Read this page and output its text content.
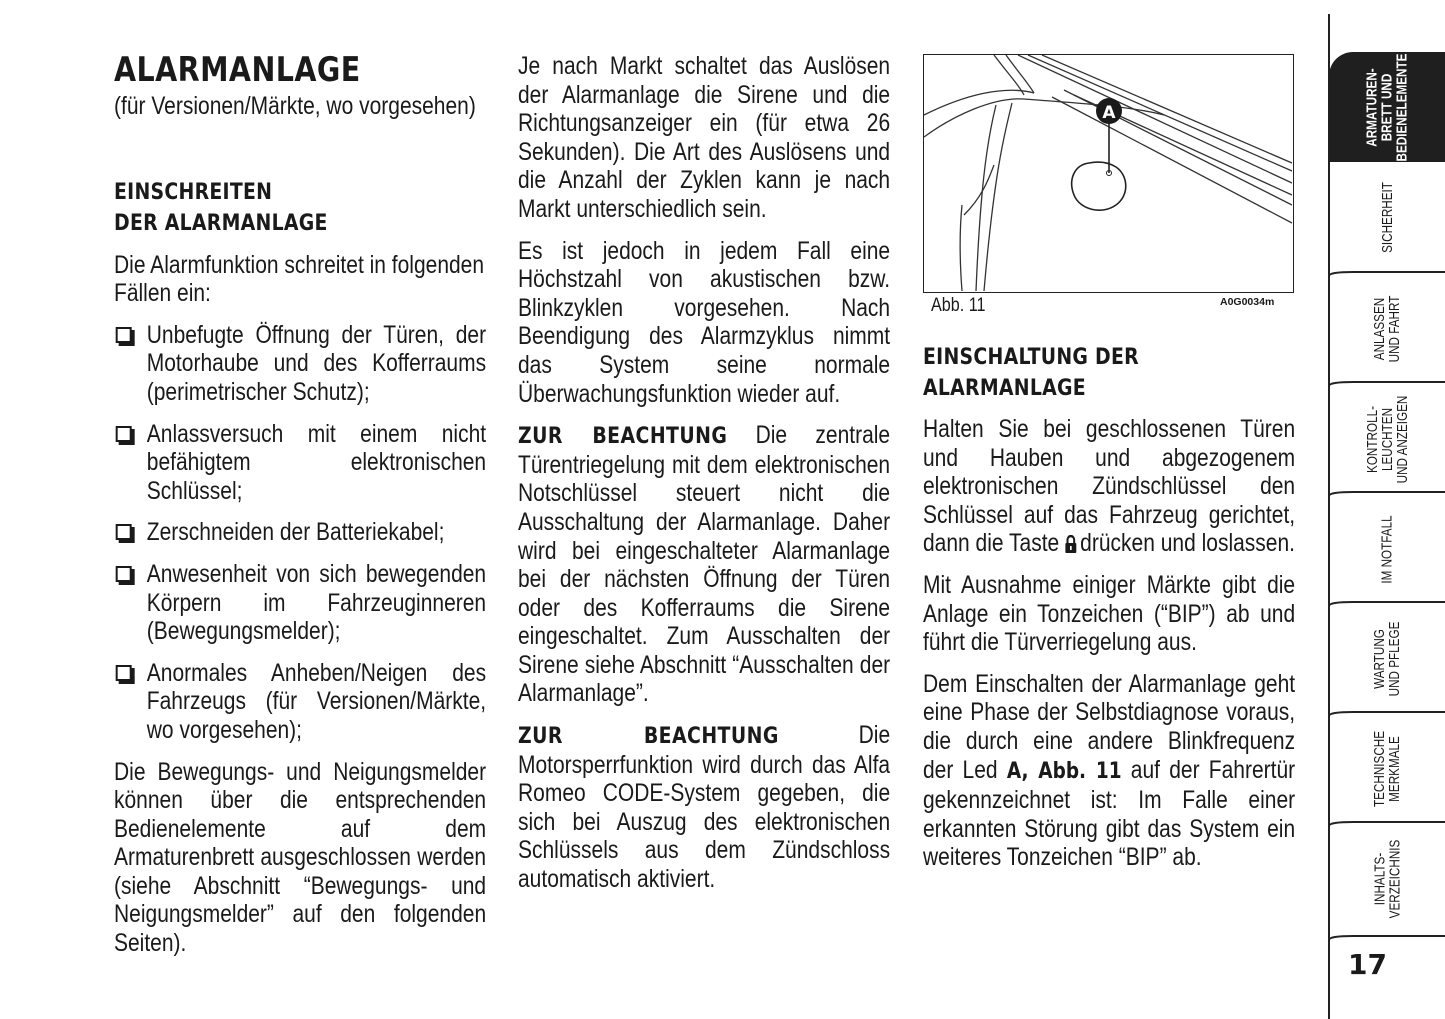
ALARMANLAGE

(für Versionen/Märkte, wo vorgesehen)

EINSCHREITEN
DER ALARMANLAGE

Die Alarmfunktion schreitet in folgenden Fällen ein:

Unbefugte Öffnung der Türen, der Motorhaube und des Kofferraums (perimetrischer Schutz);
Anlassversuch mit einem nicht befähigtem elektronischen Schlüssel;
Zerschneiden der Batteriekabel;
Anwesenheit von sich bewegenden Körpern im Fahrzeuginneren (Bewegungsmelder);
Anormales Anheben/Neigen des Fahrzeugs (für Versionen/Märkte, wo vorgesehen);

Die Bewegungs- und Neigungsmelder können über die entsprechenden Bedienelemente auf dem Armaturenbrett ausgeschlossen werden (siehe Abschnitt “Bewegungs- und Neigungsmelder” auf den folgenden Seiten).

Je nach Markt schaltet das Auslösen der Alarmanlage die Sirene und die Richtungsanzeiger ein (für etwa 26 Sekunden). Die Art des Auslösens und die Anzahl der Zyklen kann je nach Markt unterschiedlich sein.

Es ist jedoch in jedem Fall eine Höchstzahl von akustischen bzw. Blinkzyklen vorgesehen. Nach Beendigung des Alarmzyklus nimmt das System seine normale Überwachungsfunktion wieder auf.

ZUR BEACHTUNG Die zentrale Türentriegelung mit dem elektronischen Notschlüssel steuert nicht die Ausschaltung der Alarmanlage. Daher wird bei eingeschalteter Alarmanlage bei der nächsten Öffnung der Türen oder des Kofferraums die Sirene eingeschaltet. Zum Ausschalten der Sirene siehe Abschnitt “Ausschalten der Alarmanlage”.

ZUR BEACHTUNG	Die Motorsperrfunktion wird durch das Alfa Romeo CODE-System gegeben, die sich bei Auszug des elektronischen Schlüssels aus dem Zündschloss automatisch aktiviert.

A
Abb. 11	A0G0034m
EINSCHALTUNG DER
ALARMANLAGE

Halten Sie bei geschlossenen Türen und Hauben und abgezogenem elektronischen Zündschlüssel den Schlüssel auf das Fahrzeug gerichtet, dann die Taste drücken und loslassen.

Mit Ausnahme einiger Märkte gibt die Anlage ein Tonzeichen (“BIP”) ab und führt die Türverriegelung aus.

Dem Einschalten der Alarmanlage geht eine Phase der Selbstdiagnose voraus, die durch eine andere Blinkfrequenz der Led A, Abb. 11 auf der Fahrertür gekennzeichnet ist: Im Falle einer erkannten Störung gibt das System ein weiteres Tonzeichen “BIP” ab.

ARMATUREN-
BRETT UND
BEDIENELEMENTE
SICHERHEIT
ANLASSEN
UND FAHRT
KONTROLL-
LEUCHTEN
UND ANZEIGEN
IM NOTFALL
WARTUNG
UND PFLEGE
TECHNISCHE
MERKMALE
INHALTS-
VERZEICHNIS
17
